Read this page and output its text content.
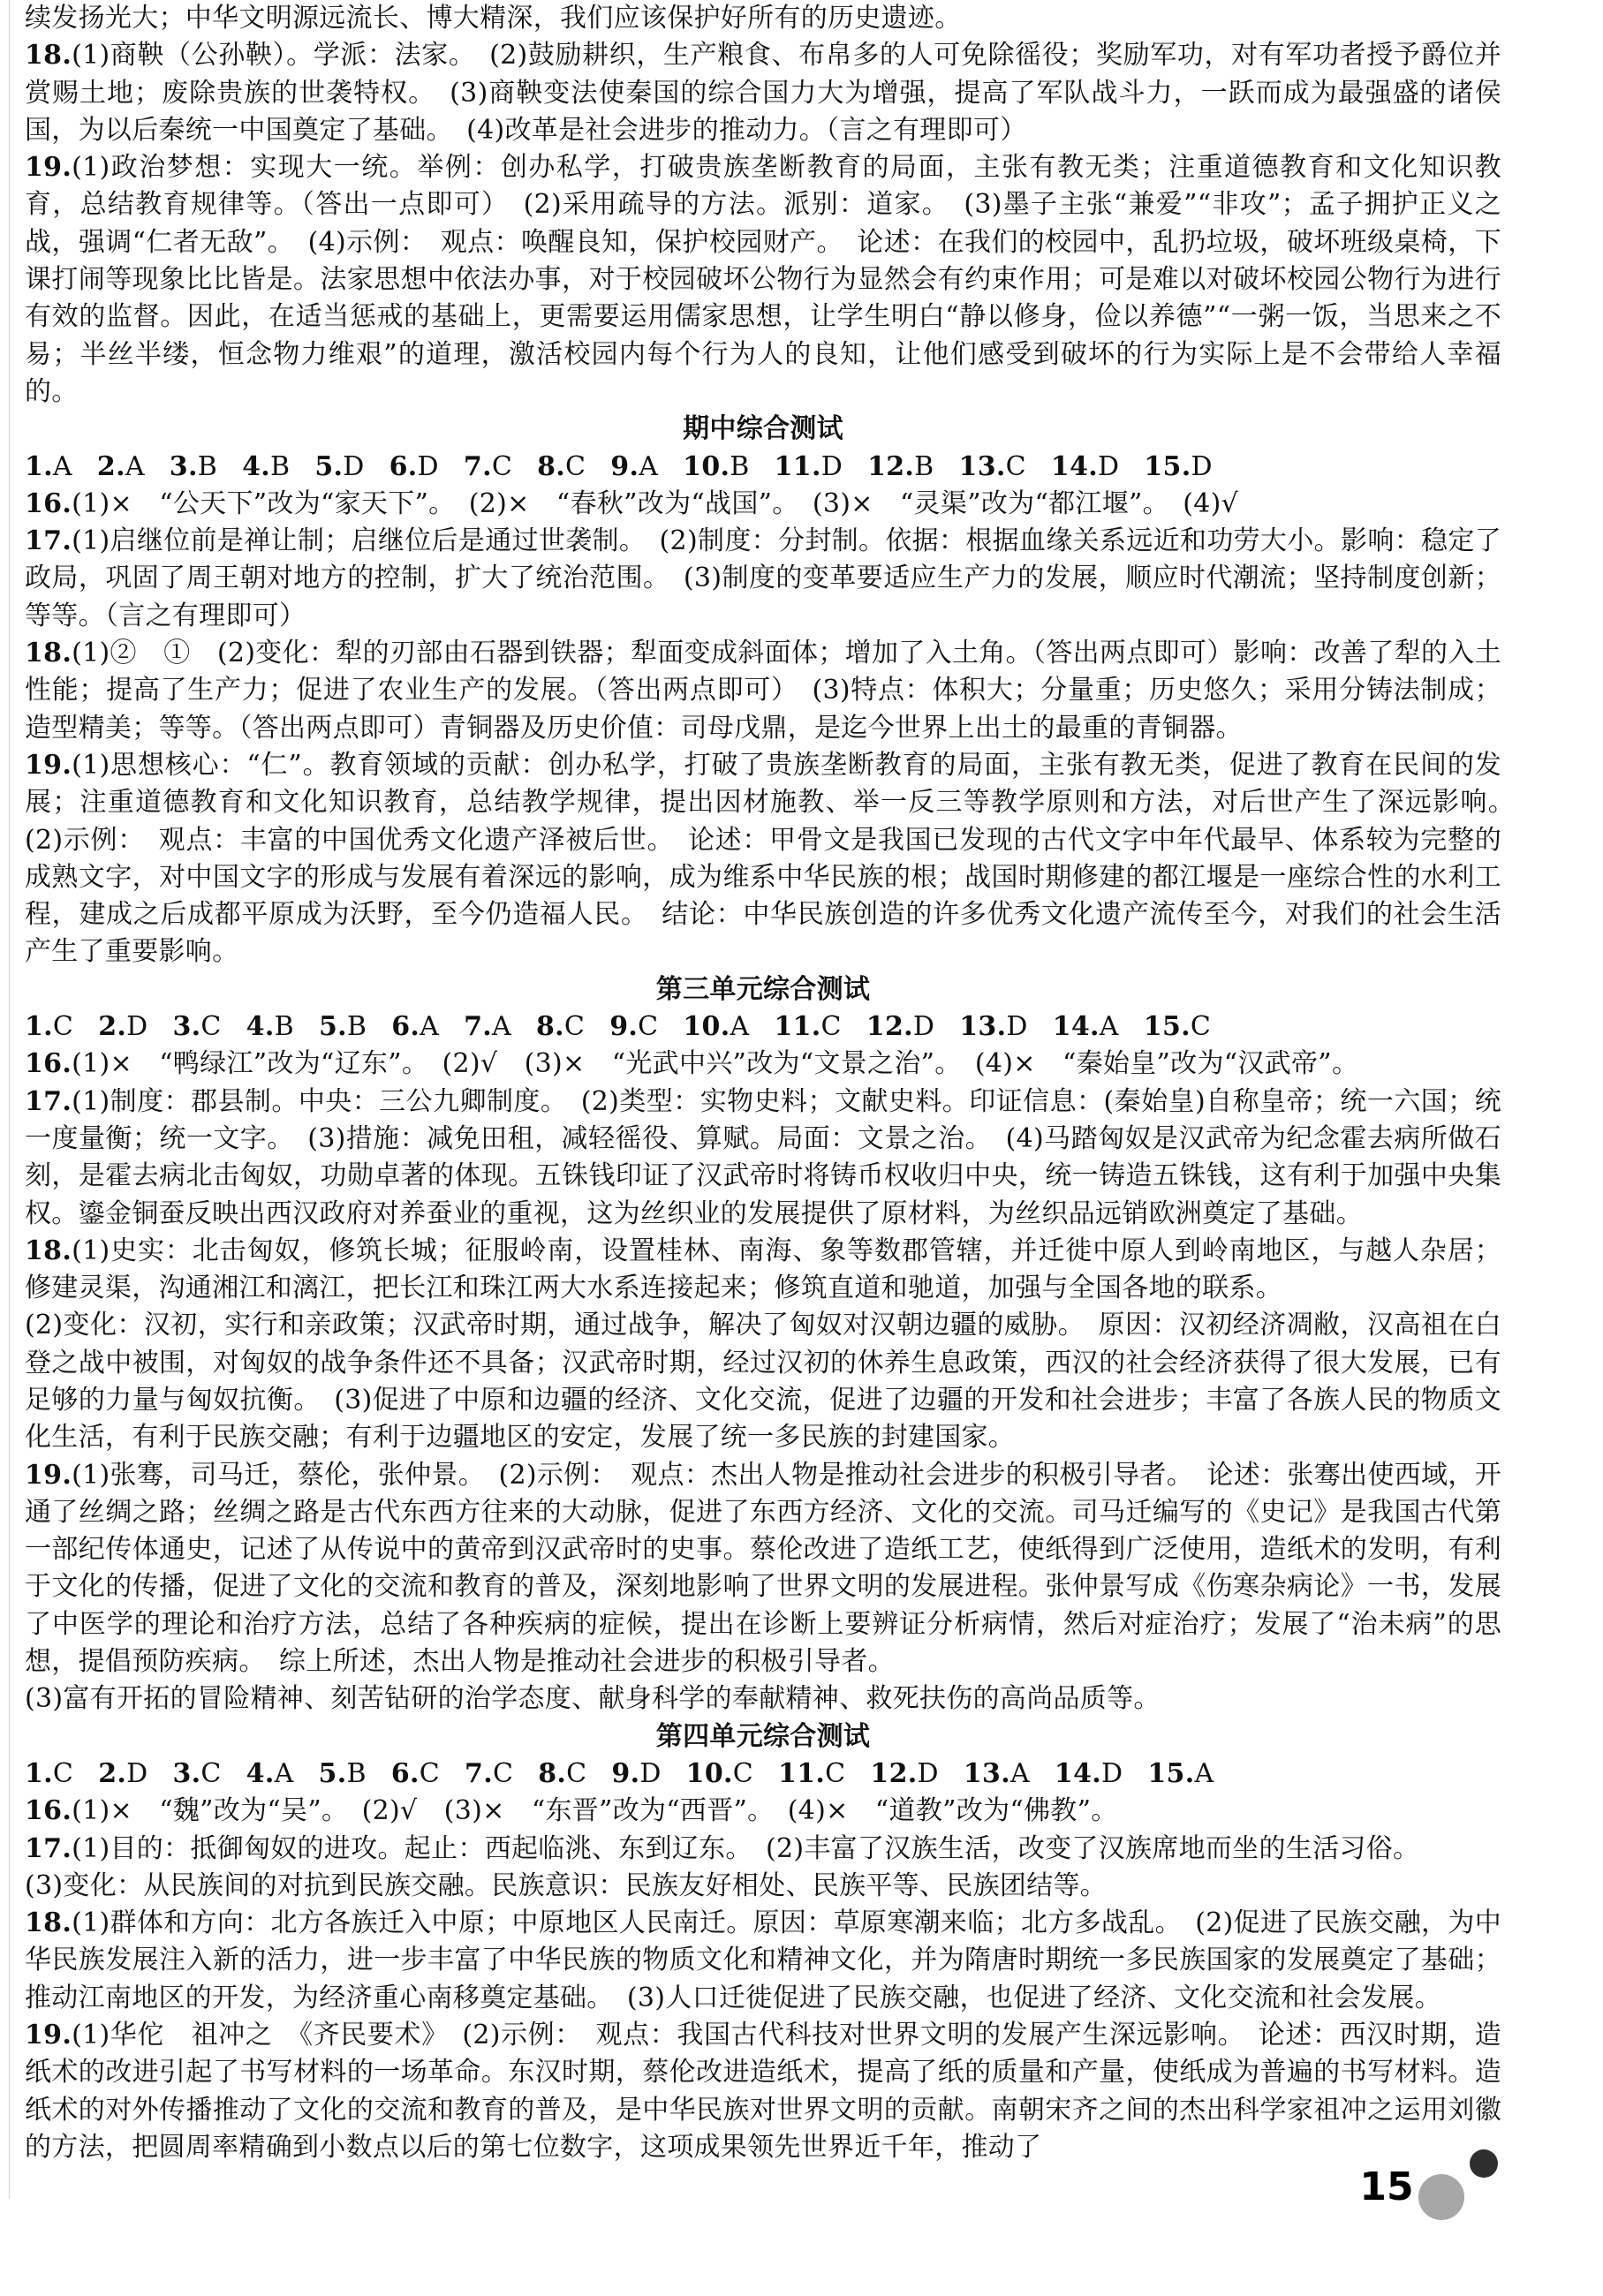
续发扬光大；中华文明源远流长、博大精深，我们应该保护好所有的历史遗迹。

18.(1)商鞅（公孙鞅）。学派：法家。　(2)鼓励耕织，生产粮食、布帛多的人可免除徭役；奖励军功，对有军功者授予爵位并赏赐土地；废除贵族的世袭特权。　(3)商鞅变法使秦国的综合国力大为增强，提高了军队战斗力，一跃而成为最强盛的诸侯国，为以后秦统一中国奠定了基础。　(4)改革是社会进步的推动力。（言之有理即可）

19.(1)政治梦想：实现大一统。举例：创办私学，打破贵族垄断教育的局面，主张有教无类；注重道德教育和文化知识教育，总结教育规律等。（答出一点即可）　(2)采用疏导的方法。派别：道家。　(3)墨子主张“兼爱”“非攻”；孟子拥护正义之战，强调“仁者无敌”。　(4)示例：　观点：唤醒良知，保护校园财产。　论述：在我们的校园中，乱扔垃圾，破坏班级桌椅，下课打闹等现象比比皆是。法家思想中依法办事，对于校园破坏公物行为显然会有约束作用；可是难以对破坏校园公物行为进行有效的监督。因此，在适当惩戒的基础上，更需要运用儒家思想，让学生明白“静以修身，俭以养德”“一粥一饭，当思来之不易；半丝半缕，恒念物力维艰”的道理，激活校园内每个行为人的良知，让他们感受到破坏的行为实际上是不会带给人幸福的。

期中综合测试

1.A 2.A 3.B 4.B 5.D 6.D 7.C 8.C 9.A 10.B 11.D 12.B 13.C 14.D 15.D

16.(1)×　“公天下”改为“家天下”。　(2)×　“春秋”改为“战国”。　(3)×　“灵渠”改为“都江堰”。　(4)√

17.(1)启继位前是禅让制；启继位后是通过世袭制。　(2)制度：分封制。依据：根据血缘关系远近和功劳大小。影响：稳定了政局，巩固了周王朝对地方的控制，扩大了统治范围。　(3)制度的变革要适应生产力的发展，顺应时代潮流；坚持制度创新；等等。（言之有理即可）

18.(1)②　①　(2)变化：犁的刃部由石器到铁器；犁面变成斜面体；增加了入土角。（答出两点即可）影响：改善了犁的入土性能；提高了生产力；促进了农业生产的发展。（答出两点即可）　(3)特点：体积大；分量重；历史悠久；采用分铸法制成；造型精美；等等。（答出两点即可）青铜器及历史价值：司母戊鼎，是迄今世界上出土的最重的青铜器。

19.(1)思想核心：“仁”。教育领域的贡献：创办私学，打破了贵族垄断教育的局面，主张有教无类，促进了教育在民间的发展；注重道德教育和文化知识教育，总结教学规律，提出因材施教、举一反三等教学原则和方法，对后世产生了深远影响。　(2)示例：　观点：丰富的中国优秀文化遗产泽被后世。　论述：甲骨文是我国已发现的古代文字中年代最早、体系较为完整的成熟文字，对中国文字的形成与发展有着深远的影响，成为维系中华民族的根；战国时期修建的都江堰是一座综合性的水利工程，建成之后成都平原成为沃野，至今仍造福人民。　结论：中华民族创造的许多优秀文化遗产流传至今，对我们的社会生活产生了重要影响。

第三单元综合测试

1.C 2.D 3.C 4.B 5.B 6.A 7.A 8.C 9.C 10.A 11.C 12.D 13.D 14.A 15.C

16.(1)×　“鸭绿江”改为“辽东”。　(2)√　(3)×　“光武中兴”改为“文景之治”。　(4)×　“秦始皇”改为“汉武帝”。

17.(1)制度：郡县制。中央：三公九卿制度。　(2)类型：实物史料；文献史料。印证信息：(秦始皇)自称皇帝；统一六国；统一度量衡；统一文字。　(3)措施：减免田租，减轻徭役、算赋。局面：文景之治。　(4)马踏匈奴是汉武帝为纪念霍去病所做石刻，是霍去病北击匈奴，功勋卓著的体现。五铢钱印证了汉武帝时将铸币权收归中央，统一铸造五铢钱，这有利于加强中央集权。鎏金铜蚕反映出西汉政府对养蚕业的重视，这为丝织业的发展提供了原材料，为丝织品远销欧洲奠定了基础。

18.(1)史实：北击匈奴，修筑长城；征服岭南，设置桂林、南海、象等数郡管辖，并迁徙中原人到岭南地区，与越人杂居；修建灵渠，沟通湘江和漓江，把长江和珠江两大水系连接起来；修筑直道和驰道，加强与全国各地的联系。

(2)变化：汉初，实行和亲政策；汉武帝时期，通过战争，解决了匈奴对汉朝边疆的威胁。　原因：汉初经济凋敝，汉高祖在白登之战中被围，对匈奴的战争条件还不具备；汉武帝时期，经过汉初的休养生息政策，西汉的社会经济获得了很大发展，已有足够的力量与匈奴抗衡。　(3)促进了中原和边疆的经济、文化交流，促进了边疆的开发和社会进步；丰富了各族人民的物质文化生活，有利于民族交融；有利于边疆地区的安定，发展了统一多民族的封建国家。

19.(1)张骞，司马迁，蔡伦，张仲景。　(2)示例：　观点：杰出人物是推动社会进步的积极引导者。　论述：张骞出使西域，开通了丝绸之路；丝绸之路是古代东西方往来的大动脉，促进了东西方经济、文化的交流。司马迁编写的《史记》是我国古代第一部纪传体通史，记述了从传说中的黄帝到汉武帝时的史事。蔡伦改进了造纸工艺，使纸得到广泛使用，造纸术的发明，有利于文化的传播，促进了文化的交流和教育的普及，深刻地影响了世界文明的发展进程。张仲景写成《伤寒杂病论》一书，发展了中医学的理论和治疗方法，总结了各种疾病的症候，提出在诊断上要辨证分析病情，然后对症治疗；发展了“治未病”的思想，提倡预防疾病。　综上所述，杰出人物是推动社会进步的积极引导者。

(3)富有开拓的冒险精神、刻苦钻研的治学态度、献身科学的奉献精神、救死扶伤的高尚品质等。

第四单元综合测试

1.C 2.D 3.C 4.A 5.B 6.C 7.C 8.C 9.D 10.C 11.C 12.D 13.A 14.D 15.A

16.(1)×　“魏”改为“吴”。　(2)√　(3)×　“东晋”改为“西晋”。　(4)×　“道教”改为“佛教”。

17.(1)目的：抵御匈奴的进攻。起止：西起临洮、东到辽东。　(2)丰富了汉族生活，改变了汉族席地而坐的生活习俗。

(3)变化：从民族间的对抗到民族交融。民族意识：民族友好相处、民族平等、民族团结等。

18.(1)群体和方向：北方各族迁入中原；中原地区人民南迁。原因：草原寒潮来临；北方多战乱。　(2)促进了民族交融，为中华民族发展注入新的活力，进一步丰富了中华民族的物质文化和精神文化，并为隋唐时期统一多民族国家的发展奠定了基础；推动江南地区的开发，为经济重心南移奠定基础。　(3)人口迁徙促进了民族交融，也促进了经济、文化交流和社会发展。

19.(1)华佗　祖冲之　《齐民要术》　(2)示例：　观点：我国古代科技对世界文明的发展产生深远影响。　论述：西汉时期，造纸术的改进引起了书写材料的一场革命。东汉时期，蔡伦改进造纸术，提高了纸的质量和产量，使纸成为普遍的书写材料。造纸术的对外传播推动了文化的交流和教育的普及，是中华民族对世界文明的贡献。南朝宋齐之间的杰出科学家祖冲之运用刘徽的方法，把圆周率精确到小数点以后的第七位数字，这项成果领先世界近千年，推动了

15
